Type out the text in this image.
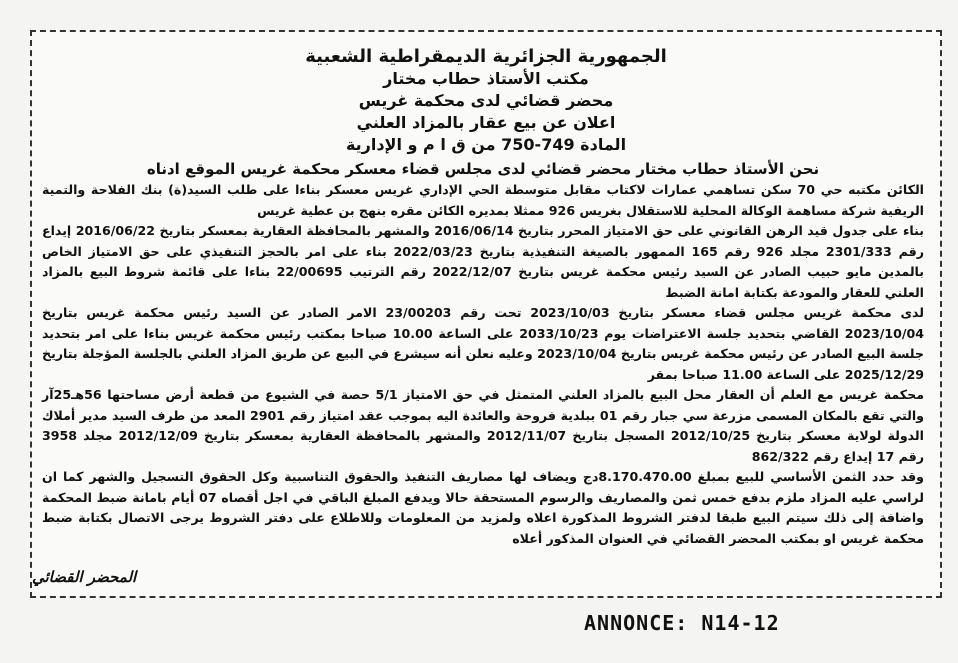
الجمهورية الجزائرية الديمقراطية الشعبية
مكتب الأستاذ حطاب مختار
محضر قضائي لدى محكمة غريس
اعلان عن بيع عقار بالمزاد العلني
المادة 749-750 من ق ا م و الإدارية
نحن الأستاذ حطاب مختار محضر قضائي لدى مجلس قضاء معسكر محكمة غريس الموقع ادناه

الكائن مكتبه حي 70 سكن تساهمي عمارات لاكتاب مقابل متوسطة الحي الإداري غريس معسكر بناءا على طلب السيد(ة) بنك الفلاحة والتمية الريفية شركة مساهمة الوكالة المحلية للاستقلال بغريس 926 ممثلا بمديره الكائن مقره بنهج بن عطية غريس

بناء على جدول قيد الرهن القانوني على حق الامتياز المحرر بتاريخ 2016/06/14 والمشهر بالمحافظة العقارية بمعسكر بتاريخ 2016/06/22 إيداع رقم 2301/333 مجلد 926 رقم 165 الممهور بالصيغة التنفيذية بتاريخ 2022/03/23 بناء على امر بالحجز التنفيذي على حق الامتياز الخاص بالمدين مايو حبيب الصادر عن السيد رئيس محكمة غريس بتاريخ 2022/12/07 رقم الترتيب 22/00695 بناءا على قائمة شروط البيع بالمزاد العلني للعقار والمودعة بكتابة امانة الضبط

لدى محكمة غريس مجلس قضاء معسكر بتاريخ 2023/10/03 تحت رقم 23/00203 الامر الصادر عن السيد رئيس محكمة غريس بتاريخ 2023/10/04 القاضي بتحديد جلسة الاعتراضات يوم 2033/10/23 على الساعة 10.00 صباحا بمكتب رئيس محكمة غريس بناءا على امر بتحديد جلسة البيع الصادر عن رئيس محكمة غريس بتاريخ 2023/10/04 وعليه نعلن أنه سيشرع في البيع عن طريق المزاد العلني بالجلسة المؤجلة بتاريخ 2025/12/29 على الساعة 11.00 صباحا بمقر

محكمة غريس مع العلم أن العقار محل البيع بالمزاد العلني المتمثل في حق الامتياز 5/1 حصة في الشيوع من قطعة أرض مساحتها 56هـ25آر والتي تقع بالمكان المسمى مزرعة سي جبار رقم 01 ببلدية فروحة والعائدة اليه بموجب عقد امتياز رقم 2901 المعد من طرف السيد مدير أملاك الدولة لولاية معسكر بتاريخ 2012/10/25 المسجل بتاريخ 2012/11/07 والمشهر بالمحافظة العقارية بمعسكر بتاريخ 2012/12/09 مجلد 3958 رقم 17 إيداع رقم 862/322

وقد حدد الثمن الأساسي للبيع بمبلغ 8.170.470.00دج ويضاف لها مصاريف التنفيذ والحقوق التناسبية وكل الحقوق التسجيل والشهر كما ان لراسي عليه المزاد ملزم بدفع خمس ثمن والمصاريف والرسوم المستحقة حالا ويدفع المبلغ الباقي في اجل أقصاه 07 أيام بامانة ضبط المحكمة واضافة إلى ذلك سيتم البيع طبقا لدفتر الشروط المذكورة اعلاه ولمزيد من المعلومات وللاطلاع على دفتر الشروط يرجى الاتصال بكتابة ضبط محكمة غريس او بمكتب المحضر القضائي في العنوان المذكور أعلاه

المحضر القضائي
ANNONCE: N14-12
